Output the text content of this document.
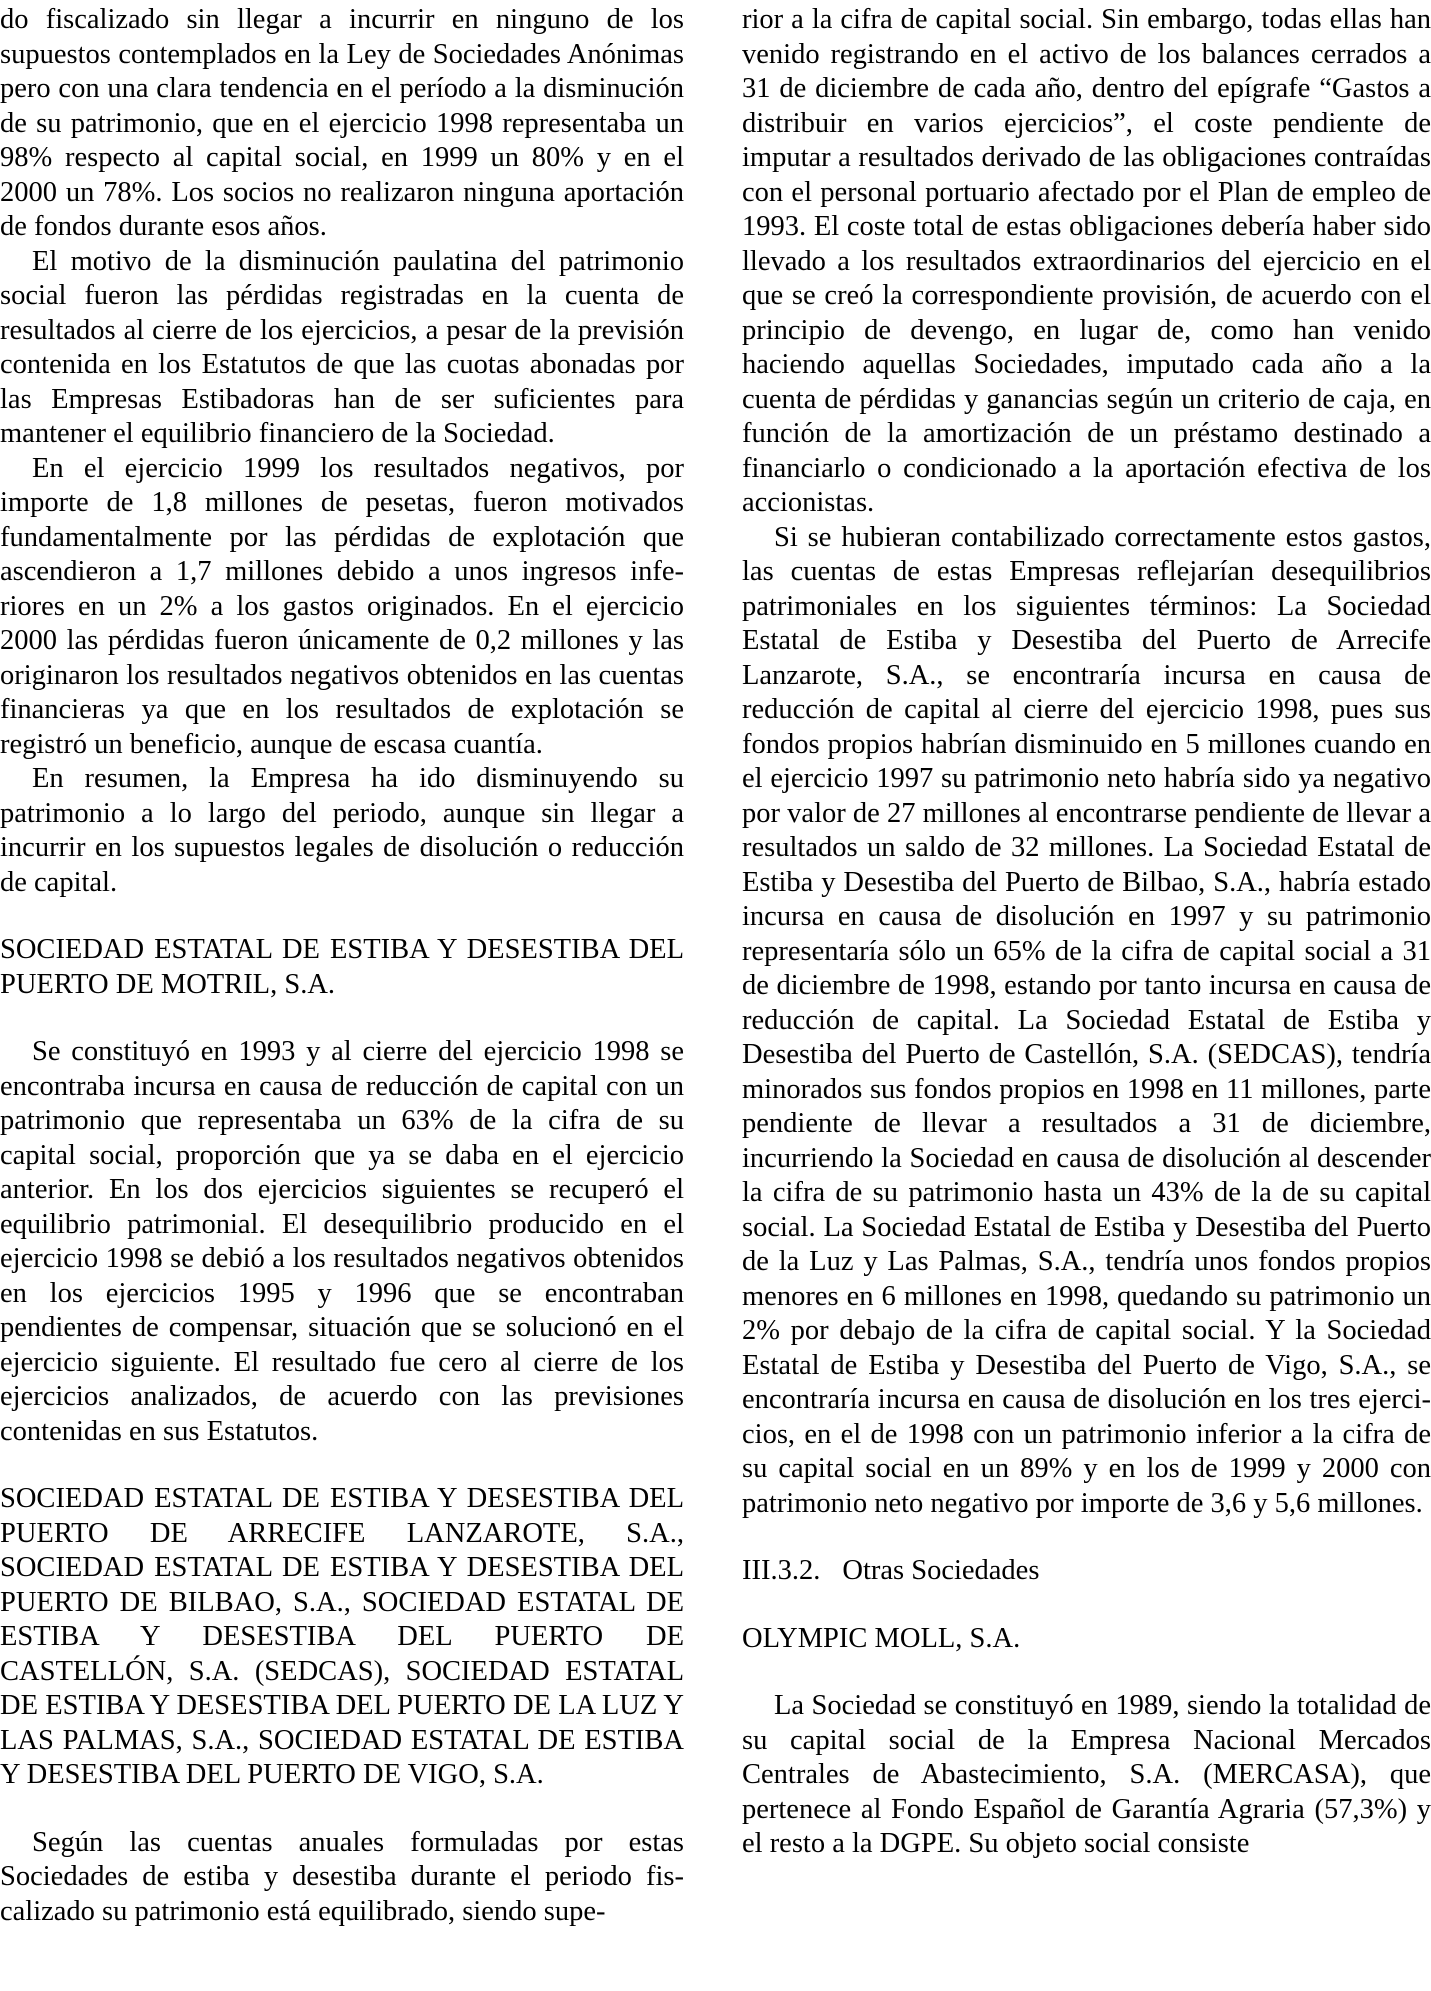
do fiscalizado sin llegar a incurrir en ninguno de los supuestos contemplados en la Ley de Sociedades Anónimas pero con una clara tendencia en el período a la disminución de su patrimonio, que en el ejercicio 1998 representaba un 98% respecto al capital social, en 1999 un 80% y en el 2000 un 78%. Los socios no realizaron ninguna aportación de fondos durante esos años.

El motivo de la disminución paulatina del patrimonio social fueron las pérdidas registradas en la cuenta de resultados al cierre de los ejercicios, a pesar de la previsión contenida en los Estatutos de que las cuotas abonadas por las Empresas Estibadoras han de ser suficientes para mantener el equilibrio financiero de la Sociedad.

En el ejercicio 1999 los resultados negativos, por importe de 1,8 millones de pesetas, fueron motivados fundamentalmente por las pérdidas de explotación que ascendieron a 1,7 millones debido a unos ingresos inferiores en un 2% a los gastos originados. En el ejercicio 2000 las pérdidas fueron únicamente de 0,2 millones y las originaron los resultados negativos obtenidos en las cuentas financieras ya que en los resultados de explotación se registró un beneficio, aunque de escasa cuantía.

En resumen, la Empresa ha ido disminuyendo su patrimonio a lo largo del periodo, aunque sin llegar a incurrir en los supuestos legales de disolución o reducción de capital.

SOCIEDAD ESTATAL DE ESTIBA Y DESESTIBA DEL PUERTO DE MOTRIL, S.A.

Se constituyó en 1993 y al cierre del ejercicio 1998 se encontraba incursa en causa de reducción de capital con un patrimonio que representaba un 63% de la cifra de su capital social, proporción que ya se daba en el ejercicio anterior. En los dos ejercicios siguientes se recuperó el equilibrio patrimonial. El desequilibrio producido en el ejercicio 1998 se debió a los resultados negativos obtenidos en los ejercicios 1995 y 1996 que se encontraban pendientes de compensar, situación que se solucionó en el ejercicio siguiente. El resultado fue cero al cierre de los ejercicios analizados, de acuerdo con las previsiones contenidas en sus Estatutos.

SOCIEDAD ESTATAL DE ESTIBA Y DESESTIBA DEL PUERTO DE ARRECIFE LANZAROTE, S.A., SOCIEDAD ESTATAL DE ESTIBA Y DESESTIBA DEL PUERTO DE BILBAO, S.A., SOCIEDAD ESTATAL DE ESTIBA Y DESESTIBA DEL PUERTO DE CASTELLÓN, S.A. (SEDCAS), SOCIEDAD ESTATAL DE ESTIBA Y DESESTIBA DEL PUERTO DE LA LUZ Y LAS PALMAS, S.A., SOCIEDAD ESTATAL DE ESTIBA Y DESESTIBA DEL PUERTO DE VIGO, S.A.

Según las cuentas anuales formuladas por estas Sociedades de estiba y desestiba durante el periodo fiscalizado su patrimonio está equilibrado, siendo supe-

rior a la cifra de capital social. Sin embargo, todas ellas han venido registrando en el activo de los balances cerrados a 31 de diciembre de cada año, dentro del epígrafe “Gastos a distribuir en varios ejercicios”, el coste pendiente de imputar a resultados derivado de las obligaciones contraídas con el personal portuario afectado por el Plan de empleo de 1993. El coste total de estas obligaciones debería haber sido llevado a los resultados extraordinarios del ejercicio en el que se creó la correspondiente provisión, de acuerdo con el principio de devengo, en lugar de, como han venido haciendo aquellas Sociedades, imputado cada año a la cuenta de pérdidas y ganancias según un criterio de caja, en función de la amortización de un préstamo destinado a financiarlo o condicionado a la aportación efectiva de los accionistas.

Si se hubieran contabilizado correctamente estos gastos, las cuentas de estas Empresas reflejarían desequilibrios patrimoniales en los siguientes términos: La Sociedad Estatal de Estiba y Desestiba del Puerto de Arrecife Lanzarote, S.A., se encontraría incursa en causa de reducción de capital al cierre del ejercicio 1998, pues sus fondos propios habrían disminuido en 5 millones cuando en el ejercicio 1997 su patrimonio neto habría sido ya negativo por valor de 27 millones al encontrarse pendiente de llevar a resultados un saldo de 32 millones. La Sociedad Estatal de Estiba y Desestiba del Puerto de Bilbao, S.A., habría estado incursa en causa de disolución en 1997 y su patrimonio representaría sólo un 65% de la cifra de capital social a 31 de diciembre de 1998, estando por tanto incursa en causa de reducción de capital. La Sociedad Estatal de Estiba y Desestiba del Puerto de Castellón, S.A. (SEDCAS), tendría minorados sus fondos propios en 1998 en 11 millones, parte pendiente de llevar a resultados a 31 de diciembre, incurriendo la Sociedad en causa de disolución al descender la cifra de su patrimonio hasta un 43% de la de su capital social. La Sociedad Estatal de Estiba y Desestiba del Puerto de la Luz y Las Palmas, S.A., tendría unos fondos propios menores en 6 millones en 1998, quedando su patrimonio un 2% por debajo de la cifra de capital social. Y la Sociedad Estatal de Estiba y Desestiba del Puerto de Vigo, S.A., se encontraría incursa en causa de disolución en los tres ejercicios, en el de 1998 con un patrimonio inferior a la cifra de su capital social en un 89% y en los de 1999 y 2000 con patrimonio neto negativo por importe de 3,6 y 5,6 millones.

III.3.2. Otras Sociedades
OLYMPIC MOLL, S.A.

La Sociedad se constituyó en 1989, siendo la totalidad de su capital social de la Empresa Nacional Mercados Centrales de Abastecimiento, S.A. (MERCASA), que pertenece al Fondo Español de Garantía Agraria (57,3%) y el resto a la DGPE. Su objeto social consiste
